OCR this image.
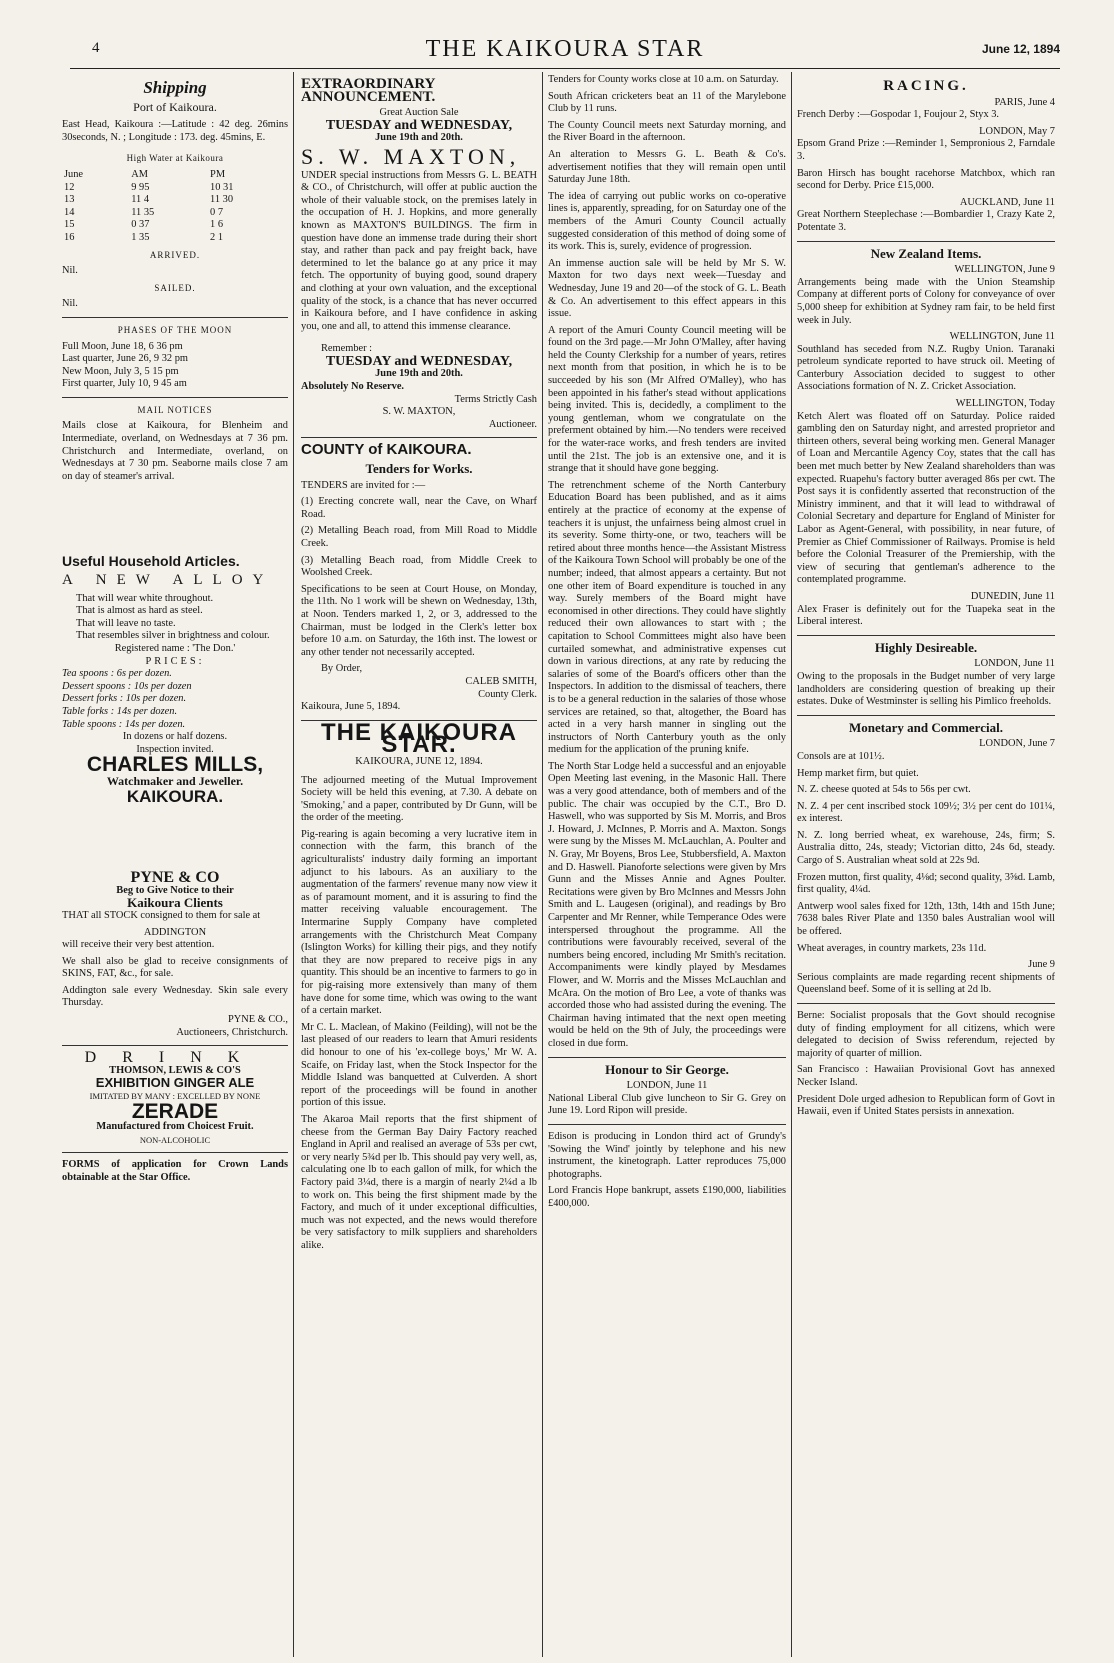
4	THE KAIKOURA STAR	June 12, 1894
Shipping
Port of Kaikoura.

East Head, Kaikoura :—Latitude : 42 deg. 26mins 30seconds, N. ; Longitude : 173. deg. 45mins, E.

High Water at Kaikoura
June	AM	PM
12	9 95	10 31
13	11 4	11 30
14	11 35	0 7
15	0 37	1 6
16	1 35	2 1
ARRIVED.
Nil.
SAILED.
Nil.
PHASES OF THE MOON
Full Moon, June 18, 6 36 pm
Last quarter, June 26, 9 32 pm
New Moon, July 3, 5 15 pm
First quarter, July 10, 9 45 am
MAIL NOTICES

Mails close at Kaikoura, for Blenheim and Intermediate, overland, on Wednesdays at 7 36 pm. Christchurch and Intermediate, overland, on Wednesdays at 7 30 pm. Seaborne mails close 7 am on day of steamer's arrival.

Useful Household Articles.
A NEW ALLOY
That will wear white throughout.
That is almost as hard as steel.
That will leave no taste.
That resembles silver in brightness and colour.
Registered name : 'The Don.'
PRICES:
Tea spoons : 6s per dozen.
Dessert spoons : 10s per dozen
Dessert forks : 10s per dozen.
Table forks : 14s per dozen.
Table spoons : 14s per dozen.
In dozens or half dozens.
Inspection invited.
CHARLES MILLS,
Watchmaker and Jeweller.
KAIKOURA.
PYNE & CO
Beg to Give Notice to their
Kaikoura Clients

THAT all STOCK consigned to them for sale at

ADDINGTON

will receive their very best attention.

We shall also be glad to receive consignments of SKINS, FAT, &c., for sale.

Addington sale every Wednesday. Skin sale every Thursday.

PYNE & CO.,
Auctioneers, Christchurch.
DRINK
THOMSON, LEWIS & CO'S
EXHIBITION GINGER ALE
IMITATED BY MANY : EXCELLED BY NONE
ZERADE
Manufactured from Choicest Fruit.
NON-ALCOHOLIC

FORMS of application for Crown Lands obtainable at the Star Office.

EXTRAORDINARY ANNOUNCEMENT.
Great Auction Sale
TUESDAY and WEDNESDAY,
June 19th and 20th.
S. W. MAXTON,

UNDER special instructions from Messrs G. L. BEATH & CO., of Christchurch, will offer at public auction the whole of their valuable stock, on the premises lately in the occupation of H. J. Hopkins, and more generally known as MAXTON'S BUILDINGS. The firm in question have done an immense trade during their short stay, and rather than pack and pay freight back, have determined to let the balance go at any price it may fetch. The opportunity of buying good, sound drapery and clothing at your own valuation, and the exceptional quality of the stock, is a chance that has never occurred in Kaikoura before, and I have confidence in asking you, one and all, to attend this immense clearance.

Remember :
TUESDAY and WEDNESDAY,
June 19th and 20th.
Absolutely No Reserve.
Terms Strictly Cash
S. W. MAXTON,
Auctioneer.
COUNTY of KAIKOURA.
Tenders for Works.

TENDERS are invited for :—

(1) Erecting concrete wall, near the Cave, on Wharf Road.

(2) Metalling Beach road, from Mill Road to Middle Creek.

(3) Metalling Beach road, from Middle Creek to Woolshed Creek.

Specifications to be seen at Court House, on Monday, the 11th. No 1 work will be shewn on Wednesday, 13th, at Noon. Tenders marked 1, 2, or 3, addressed to the Chairman, must be lodged in the Clerk's letter box before 10 a.m. on Saturday, the 16th inst. The lowest or any other tender not necessarily accepted.

By Order,
CALEB SMITH,
County Clerk.
Kaikoura, June 5, 1894.
THE KAIKOURA STAR.
KAIKOURA, JUNE 12, 1894.

The adjourned meeting of the Mutual Improvement Society will be held this evening, at 7.30. A debate on 'Smoking,' and a paper, contributed by Dr Gunn, will be the order of the meeting.

Pig-rearing is again becoming a very lucrative item in connection with the farm, this branch of the agriculturalists' industry daily forming an important adjunct to his labours. As an auxiliary to the augmentation of the farmers' revenue many now view it as of paramount moment, and it is assuring to find the matter receiving valuable encouragement. The Intermarine Supply Company have completed arrangements with the Christchurch Meat Company (Islington Works) for killing their pigs, and they notify that they are now prepared to receive pigs in any quantity. This should be an incentive to farmers to go in for pig-raising more extensively than many of them have done for some time, which was owing to the want of a certain market.

Mr C. L. Maclean, of Makino (Feilding), will not be the last pleased of our readers to learn that Amuri residents did honour to one of his 'ex-college boys,' Mr W. A. Scaife, on Friday last, when the Stock Inspector for the Middle Island was banquetted at Culverden. A short report of the proceedings will be found in another portion of this issue.

The Akaroa Mail reports that the first shipment of cheese from the German Bay Dairy Factory reached England in April and realised an average of 53s per cwt, or very nearly 5¾d per lb. This should pay very well, as, calculating one lb to each gallon of milk, for which the Factory paid 3¼d, there is a margin of nearly 2¼d a lb to work on. This being the first shipment made by the Factory, and much of it under exceptional difficulties, much was not expected, and the news would therefore be very satisfactory to milk suppliers and shareholders alike.

Tenders for County works close at 10 a.m. on Saturday.

South African cricketers beat an 11 of the Marylebone Club by 11 runs.

The County Council meets next Saturday morning, and the River Board in the afternoon.

An alteration to Messrs G. L. Beath & Co's. advertisement notifies that they will remain open until Saturday June 18th.

The idea of carrying out public works on co-operative lines is, apparently, spreading, for on Saturday one of the members of the Amuri County Council actually suggested consideration of this method of doing some of its work. This is, surely, evidence of progression.

An immense auction sale will be held by Mr S. W. Maxton for two days next week—Tuesday and Wednesday, June 19 and 20—of the stock of G. L. Beath & Co. An advertisement to this effect appears in this issue.

A report of the Amuri County Council meeting will be found on the 3rd page.—Mr John O'Malley, after having held the County Clerkship for a number of years, retires next month from that position, in which he is to be succeeded by his son (Mr Alfred O'Malley), who has been appointed in his father's stead without applications being invited. This is, decidedly, a compliment to the young gentleman, whom we congratulate on the preferment obtained by him.—No tenders were received for the water-race works, and fresh tenders are invited until the 21st. The job is an extensive one, and it is strange that it should have gone begging.

The retrenchment scheme of the North Canterbury Education Board has been published, and as it aims entirely at the practice of economy at the expense of teachers it is unjust, the unfairness being almost cruel in its severity. Some thirty-one, or two, teachers will be retired about three months hence—the Assistant Mistress of the Kaikoura Town School will probably be one of the number; indeed, that almost appears a certainty. But not one other item of Board expenditure is touched in any way. Surely members of the Board might have economised in other directions. They could have slightly reduced their own allowances to start with ; the capitation to School Committees might also have been curtailed somewhat, and administrative expenses cut down in various directions, at any rate by reducing the salaries of some of the Board's officers other than the Inspectors. In addition to the dismissal of teachers, there is to be a general reduction in the salaries of those whose services are retained, so that, altogether, the Board has acted in a very harsh manner in singling out the instructors of North Canterbury youth as the only medium for the application of the pruning knife.

The North Star Lodge held a successful and an enjoyable Open Meeting last evening, in the Masonic Hall. There was a very good attendance, both of members and of the public. The chair was occupied by the C.T., Bro D. Haswell, who was supported by Sis M. Morris, and Bros J. Howard, J. McInnes, P. Morris and A. Maxton. Songs were sung by the Misses M. McLauchlan, A. Poulter and N. Gray, Mr Boyens, Bros Lee, Stubbersfield, A. Maxton and D. Haswell. Pianoforte selections were given by Mrs Gunn and the Misses Annie and Agnes Poulter. Recitations were given by Bro McInnes and Messrs John Smith and L. Laugesen (original), and readings by Bro Carpenter and Mr Renner, while Temperance Odes were interspersed throughout the programme. All the contributions were favourably received, several of the numbers being encored, including Mr Smith's recitation. Accompaniments were kindly played by Mesdames Flower, and W. Morris and the Misses McLauchlan and McAra. On the motion of Bro Lee, a vote of thanks was accorded those who had assisted during the evening. The Chairman having intimated that the next open meeting would be held on the 9th of July, the proceedings were closed in due form.

Honour to Sir George.
LONDON, June 11

National Liberal Club give luncheon to Sir G. Grey on June 19. Lord Ripon will preside.

Edison is producing in London third act of Grundy's 'Sowing the Wind' jointly by telephone and his new instrument, the kinetograph. Latter reproduces 75,000 photographs.

Lord Francis Hope bankrupt, assets £190,000, liabilities £400,000.

RACING.
PARIS, June 4

French Derby :—Gospodar 1, Foujour 2, Styx 3.

LONDON, May 7

Epsom Grand Prize :—Reminder 1, Sempronious 2, Farndale 3.

Baron Hirsch has bought racehorse Matchbox, which ran second for Derby. Price £15,000.

AUCKLAND, June 11

Great Northern Steeplechase :—Bombardier 1, Crazy Kate 2, Potentate 3.

New Zealand Items.
WELLINGTON, June 9

Arrangements being made with the Union Steamship Company at different ports of Colony for conveyance of over 5,000 sheep for exhibition at Sydney ram fair, to be held first week in July.

WELLINGTON, June 11

Southland has seceded from N.Z. Rugby Union. Taranaki petroleum syndicate reported to have struck oil. Meeting of Canterbury Association decided to suggest to other Associations formation of N. Z. Cricket Association.

WELLINGTON, Today

Ketch Alert was floated off on Saturday. Police raided gambling den on Saturday night, and arrested proprietor and thirteen others, several being working men. General Manager of Loan and Mercantile Agency Coy, states that the call has been met much better by New Zealand shareholders than was expected. Ruapehu's factory butter averaged 86s per cwt. The Post says it is confidently asserted that reconstruction of the Ministry imminent, and that it will lead to withdrawal of Colonial Secretary and departure for England of Minister for Labor as Agent-General, with possibility, in near future, of Premier as Chief Commissioner of Railways. Promise is held before the Colonial Treasurer of the Premiership, with the view of securing that gentleman's adherence to the contemplated programme.

DUNEDIN, June 11

Alex Fraser is definitely out for the Tuapeka seat in the Liberal interest.

Highly Desireable.
LONDON, June 11

Owing to the proposals in the Budget number of very large landholders are considering question of breaking up their estates. Duke of Westminster is selling his Pimlico freeholds.

Monetary and Commercial.
LONDON, June 7

Consols are at 101½.

Hemp market firm, but quiet.

N. Z. cheese quoted at 54s to 56s per cwt.

N. Z. 4 per cent inscribed stock 109½; 3½ per cent do 101¼, ex interest.

N. Z. long berried wheat, ex warehouse, 24s, firm; S. Australia ditto, 24s, steady; Victorian ditto, 24s 6d, steady. Cargo of S. Australian wheat sold at 22s 9d.

Frozen mutton, first quality, 4⅛d; second quality, 3⅝d. Lamb, first quality, 4¼d.

Antwerp wool sales fixed for 12th, 13th, 14th and 15th June; 7638 bales River Plate and 1350 bales Australian wool will be offered.

Wheat averages, in country markets, 23s 11d.

June 9

Serious complaints are made regarding recent shipments of Queensland beef. Some of it is selling at 2d lb.

Berne: Socialist proposals that the Govt should recognise duty of finding employment for all citizens, which were delegated to decision of Swiss referendum, rejected by majority of quarter of million.

San Francisco : Hawaiian Provisional Govt has annexed Necker Island.

President Dole urged adhesion to Republican form of Govt in Hawaii, even if United States persists in annexation.
